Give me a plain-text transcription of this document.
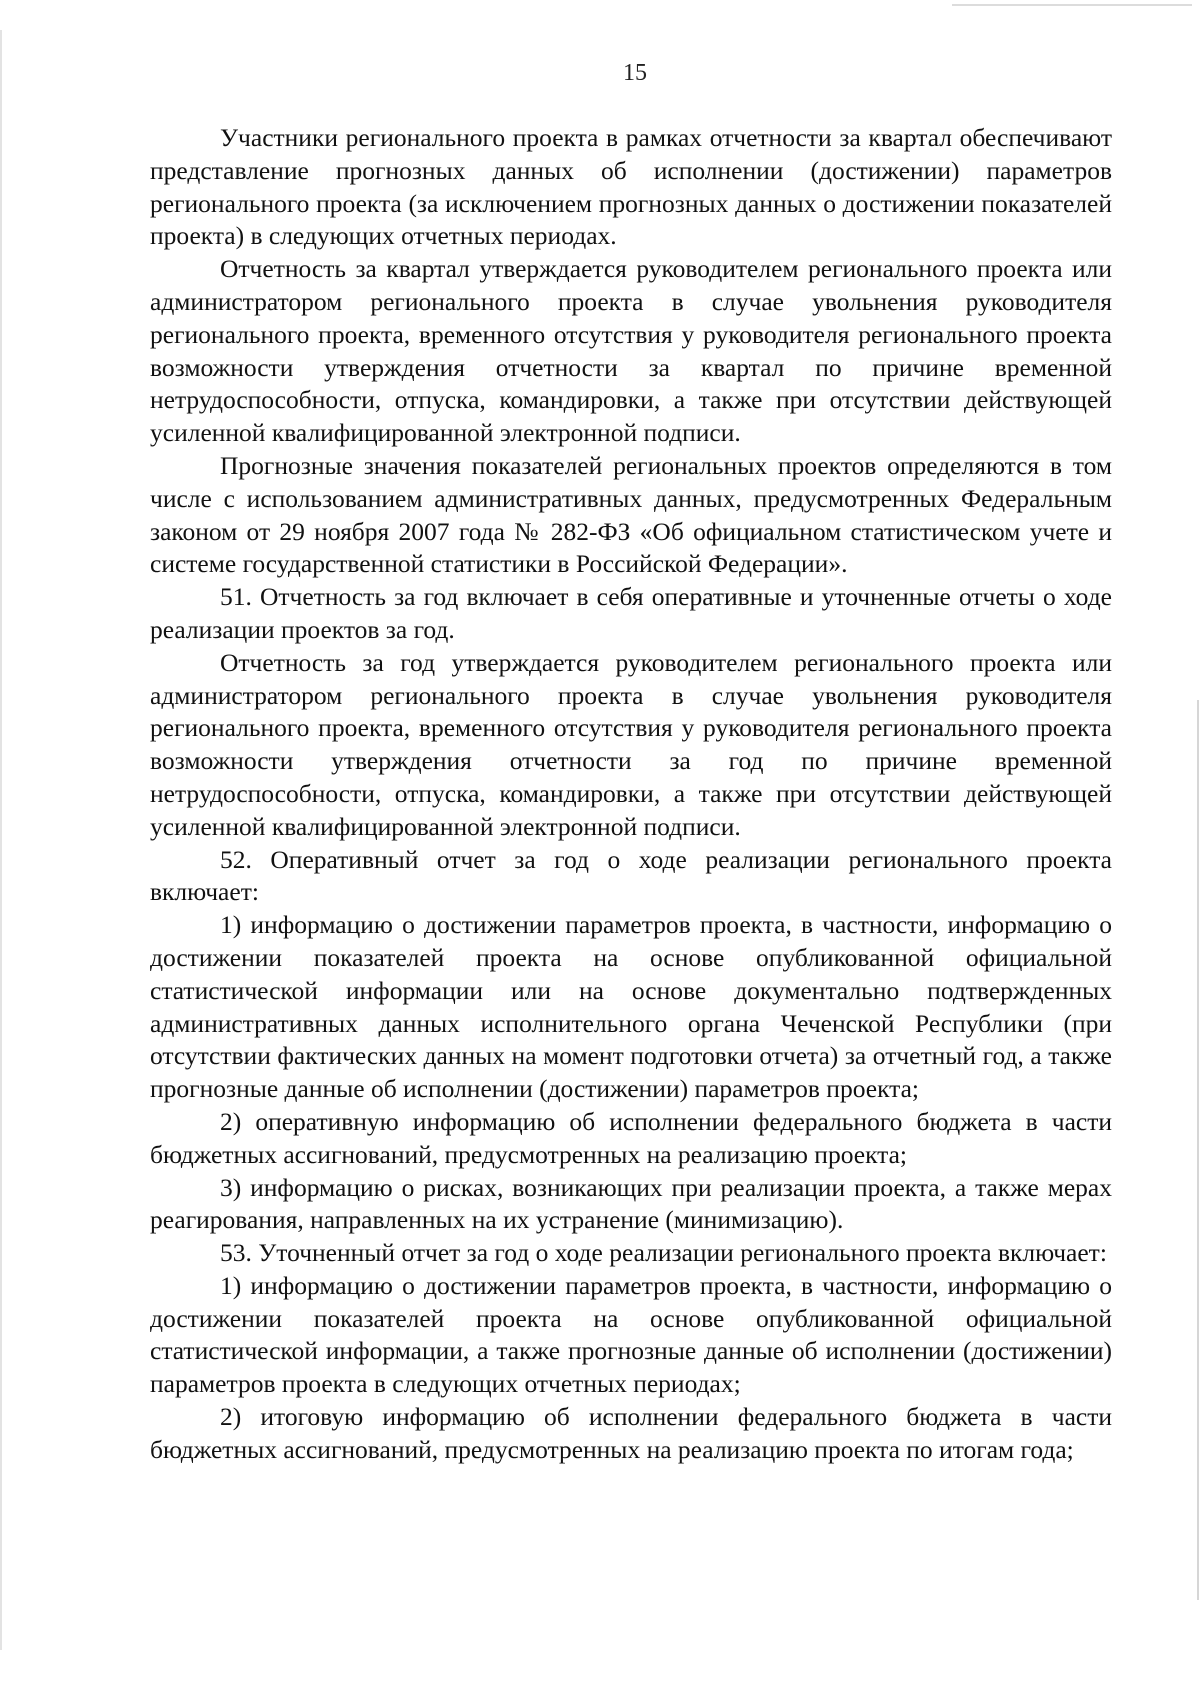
15

Участники регионального проекта в рамках отчетности за квартал обеспечивают представление прогнозных данных об исполнении (достижении) параметров регионального проекта (за исключением прогнозных данных о достижении показателей проекта) в следующих отчетных периодах.

Отчетность за квартал утверждается руководителем регионального проекта или администратором регионального проекта в случае увольнения руководителя регионального проекта, временного отсутствия у руководителя регионального проекта возможности утверждения отчетности за квартал по причине временной нетрудоспособности, отпуска, командировки, а также при отсутствии действующей усиленной квалифицированной электронной подписи.

Прогнозные значения показателей региональных проектов определяются в том числе с использованием административных данных, предусмотренных Федеральным законом от 29 ноября 2007 года № 282-ФЗ «Об официальном статистическом учете и системе государственной статистики в Российской Федерации».

51. Отчетность за год включает в себя оперативные и уточненные отчеты о ходе реализации проектов за год.

Отчетность за год утверждается руководителем регионального проекта или администратором регионального проекта в случае увольнения руководителя регионального проекта, временного отсутствия у руководителя регионального проекта возможности утверждения отчетности за год по причине временной нетрудоспособности, отпуска, командировки, а также при отсутствии действующей усиленной квалифицированной электронной подписи.

52. Оперативный отчет за год о ходе реализации регионального проекта включает:

1) информацию о достижении параметров проекта, в частности, информацию о достижении показателей проекта на основе опубликованной официальной статистической информации или на основе документально подтвержденных административных данных исполнительного органа Чеченской Республики (при отсутствии фактических данных на момент подготовки отчета) за отчетный год, а также прогнозные данные об исполнении (достижении) параметров проекта;

2) оперативную информацию об исполнении федерального бюджета в части бюджетных ассигнований, предусмотренных на реализацию проекта;

3) информацию о рисках, возникающих при реализации проекта, а также мерах реагирования, направленных на их устранение (минимизацию).

53. Уточненный отчет за год о ходе реализации регионального проекта включает:

1) информацию о достижении параметров проекта, в частности, информацию о достижении показателей проекта на основе опубликованной официальной статистической информации, а также прогнозные данные об исполнении (достижении) параметров проекта в следующих отчетных периодах;

2) итоговую информацию об исполнении федерального бюджета в части бюджетных ассигнований, предусмотренных на реализацию проекта по итогам года;
